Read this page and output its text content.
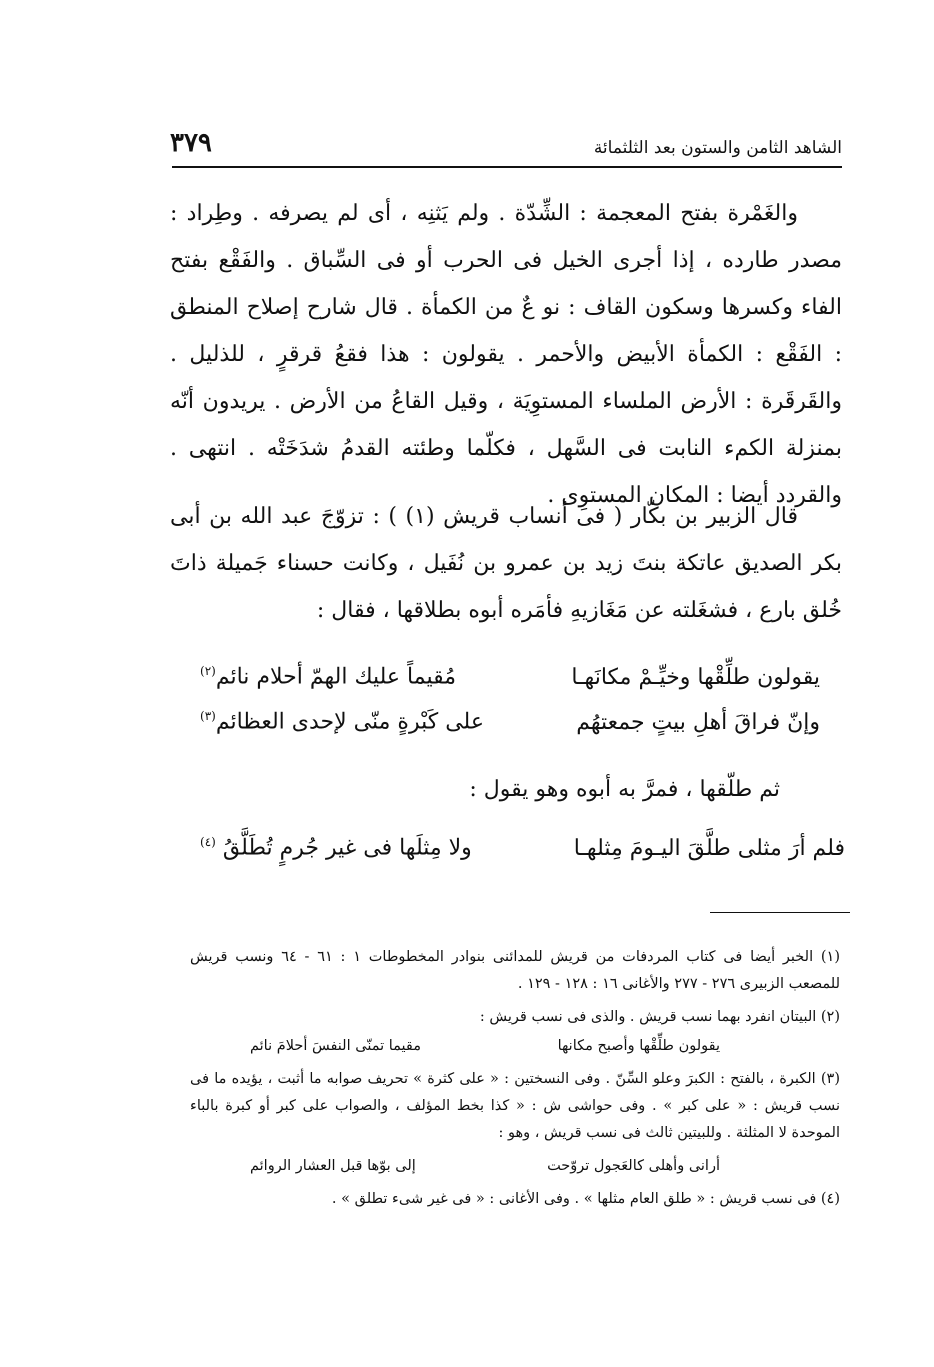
الشاهد الثامن والستون بعد الثلثمائة
٣٧٩

والغَمْرة بفتح المعجمة : الشِّدّة . ولم يَثنِه ، أى لم يصرفه . وطِراد : مصدر طارده ، إذا أجرى الخيل فى الحرب أو فى السِّباق . والفَقْع بفتح الفاء وكسرها وسكون القاف : نو عٌ من الكمأة . قال شارح إصلاح المنطق : الفَقْع : الكمأة الأبيض والأحمر . يقولون : هذا فقعُ قرقرٍ ، للذليل . والقَرقَرة : الأرض الملساء المستوِيَة ، وقيل القاعُ من الأرض . يريدون أنّه بمنزلة الكمء النابت فى السَّهل ، فكلّما وطئته القدمُ شدَخَتْه . انتهى . والقردد أيضا : المكان المستوِى .

قال الزبير بن بكّار ( فى أنساب قريش (١) ) : تزوّجَ عبد الله بن أبى بكر الصديق عاتكة بنتَ زيد بن عمرو بن نُفَيل ، وكانت حسناء جَميلة ذاتَ خُلق بارع ، فشغَلته عن مَغَازيهِ فأمَره أبوه بطلاقها ، فقال :

يقولون طلِّقْها وخيِّـمْ مكانَهـا
مُقيماً عليك الهمّ أحلام نائم$^{(٢)}$
وإنّ فراقَ أهلِ بيتٍ جمعتهُم
على كَبْرةٍ منّى لإحدى العظائم$^{(٣)}$
ثم طلّقها ، فمرَّ به أبوه وهو يقول :
فلم أرَ مثلى طلَّقَ اليـومَ مِثلهـا
ولا مِثلَها فى غير جُرمٍ تُطَلَّقُ $^{(٤)}$

(١) الخبر أيضا فى كتاب المردفات من قريش للمدائنى بنوادر المخطوطات ١ : ٦١ - ٦٤ ونسب قريش للمصعب الزبيرى ٢٧٦ - ٢٧٧ والأغانى ١٦ : ١٢٨ - ١٢٩ .

(٢) البيتان انفرد بهما نسب قريش . والذى فى نسب قريش :

يقولون طلِّقْها وأصبح مكانها
مقيما تمنّى النفسَ أحلامَ نائم

(٣) الكبرة ، بالفتح : الكبرَ وعلو السِّنّ . وفى النسختين : « على كثرة » تحريف صوابه ما أثبت ، يؤيده ما فى نسب قريش : « على كبر » . وفى حواشى ش : « كذا بخط المؤلف ، والصواب على كبر أو كبرة بالباء الموحدة لا المثلثة . وللبيتين ثالث فى نسب قريش ، وهو :

أرانى وأهلى كالعَجول تروّحت
إلى بوّها قبل العشار الروائم

(٤) فى نسب قريش : « طلق العام مثلها » . وفى الأغانى : « فى غير شىء تطلق » .
